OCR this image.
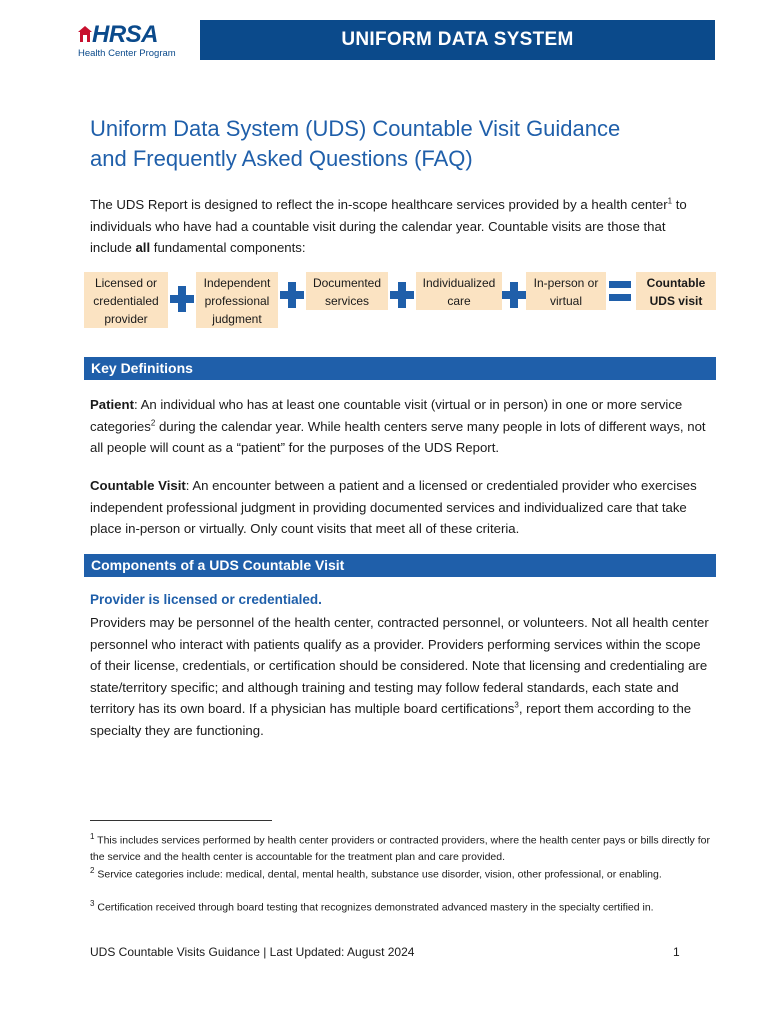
HRSA
Health Center Program
UNIFORM DATA SYSTEM
Uniform Data System (UDS) Countable Visit Guidance
and Frequently Asked Questions (FAQ)
The UDS Report is designed to reflect the in-scope healthcare services provided by a health center$^1$ to individuals who have had a countable visit during the calendar year. Countable visits are those that include all fundamental components:
Licensed or
credentialed
provider
Independent
professional
judgment
Documented
services
Individualized
care
In-person or
virtual
Countable
UDS visit
Key Definitions
Patient: An individual who has at least one countable visit (virtual or in person) in one or more service categories$^2$ during the calendar year. While health centers serve many people in lots of different ways, not all people will count as a “patient” for the purposes of the UDS Report.
Countable Visit: An encounter between a patient and a licensed or credentialed provider who exercises independent professional judgment in providing documented services and individualized care that take place in-person or virtually. Only count visits that meet all of these criteria.
Components of a UDS Countable Visit
Provider is licensed or credentialed.
Providers may be personnel of the health center, contracted personnel, or volunteers. Not all health center personnel who interact with patients qualify as a provider. Providers performing services within the scope of their license, credentials, or certification should be considered. Note that licensing and credentialing are state/territory specific; and although training and testing may follow federal standards, each state and territory has its own board. If a physician has multiple board certifications$^3$, report them according to the specialty they are functioning.
$^1$ This includes services performed by health center providers or contracted providers, where the health center pays or bills directly for the service and the health center is accountable for the treatment plan and care provided.
$^2$ Service categories include: medical, dental, mental health, substance use disorder, vision, other professional, or enabling.
$^3$ Certification received through board testing that recognizes demonstrated advanced mastery in the specialty certified in.
UDS Countable Visits Guidance | Last Updated: August 2024	1
